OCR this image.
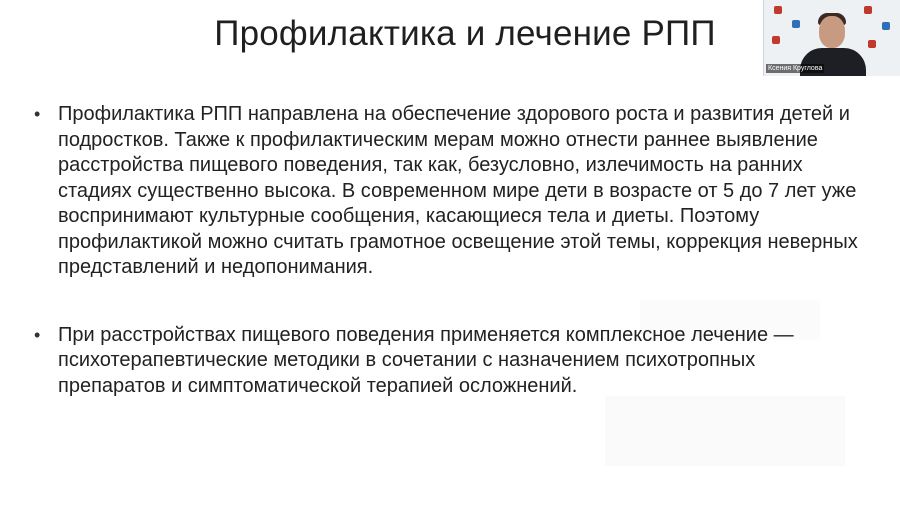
Профилактика и лечение РПП
• Профилактика РПП направлена на обеспечение здорового роста и развития детей и подростков. Также к профилактическим мерам можно отнести раннее выявление расстройства пищевого поведения, так как, безусловно, излечимость на ранних стадиях существенно высока. В современном мире дети в возрасте от 5 до 7 лет уже воспринимают культурные сообщения, касающиеся тела и диеты. Поэтому профилактикой можно считать грамотное освещение этой темы, коррекция неверных представлений и недопонимания.
• При расстройствах пищевого поведения применяется комплексное лечение — психотерапевтические методики в сочетании с назначением психотропных препаратов и симптоматической терапией осложнений.
Ксения Круглова
